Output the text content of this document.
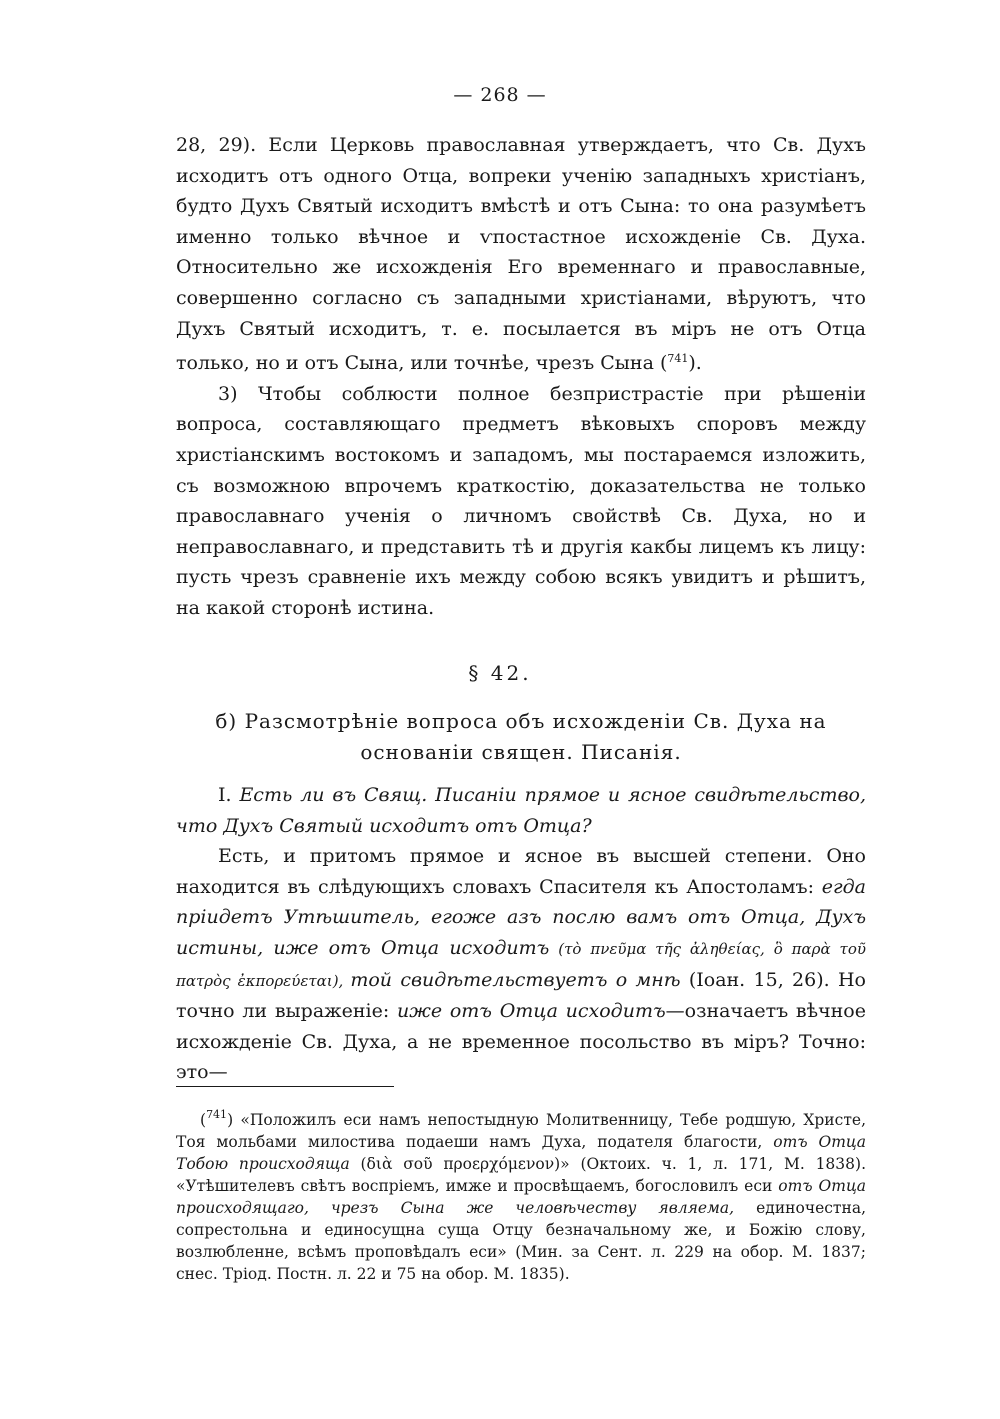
— 268 —

28, 29). Если Церковь православная утверждаетъ, что Св. Духъ исходитъ отъ одного Отца, вопреки ученію западныхъ христіанъ, будто Духъ Святый исходитъ вмѣстѣ и отъ Сына: то она разумѣетъ именно только вѣчное и ѵпостастное исхожденіе Св. Духа. Относительно же исхожденія Его временнаго и православные, совершенно согласно съ западными христіанами, вѣруютъ, что Духъ Святый исходитъ, т. е. посылается въ міръ не отъ Отца только, но и отъ Сына, или точнѣе, чрезъ Сына ($^{741}$).

3) Чтобы соблюсти полное безпристрастіе при рѣшеніи вопроса, составляющаго предметъ вѣковыхъ споровъ между христіанскимъ востокомъ и западомъ, мы постараемся изложить, съ возможною впрочемъ краткостію, доказательства не только православнаго ученія о личномъ свойствѣ Св. Духа, но и неправославнаго, и представить тѣ и другія какбы лицемъ къ лицу: пусть чрезъ сравненіе ихъ между собою всякъ увидитъ и рѣшитъ, на какой сторонѣ истина.

§ 42.
б) Разсмотрѣніе вопроса объ исхожденіи Св. Духа на основаніи священ. Писанія.

I. Есть ли въ Свящ. Писаніи прямое и ясное свидѣтельство, что Духъ Святый исходитъ отъ Отца?

Есть, и притомъ прямое и ясное въ высшей степени. Оно находится въ слѣдующихъ словахъ Спасителя къ Апостоламъ: егда пріидетъ Утѣшитель, егоже азъ послю вамъ отъ Отца, Духъ истины, иже отъ Отца исходитъ (τὸ πνεῦμα τῆς ἀληθείας, ὃ παρὰ τοῦ πατρὸς ἐκπορεύεται), той свидѣтельствуетъ о мнѣ (Іоан. 15, 26). Но точно ли выраженіе: иже отъ Отца исходитъ—означаетъ вѣчное исхожденіе Св. Духа, а не временное посольство въ міръ? Точно: это—

($^{741}$) «Положилъ еси намъ непостыдную Молитвенницу, Тебе родшую, Христе, Тоя мольбами милостива подаеши намъ Духа, подателя благости, отъ Отца Тобою происходяща (διὰ σοῦ προερχόμενον)» (Октоих. ч. 1, л. 171, М. 1838). «Утѣшителевъ свѣтъ воспріемъ, имже и просвѣщаемъ, богословилъ еси отъ Отца происходящаго, чрезъ Сына же человѣчеству являема, единочестна, сопрестольна и единосущна суща Отцу безначальному же, и Божію слову, возлюбленне, всѣмъ проповѣдалъ еси» (Мин. за Сент. л. 229 на обор. М. 1837; снес. Тріод. Постн. л. 22 и 75 на обор. М. 1835).
